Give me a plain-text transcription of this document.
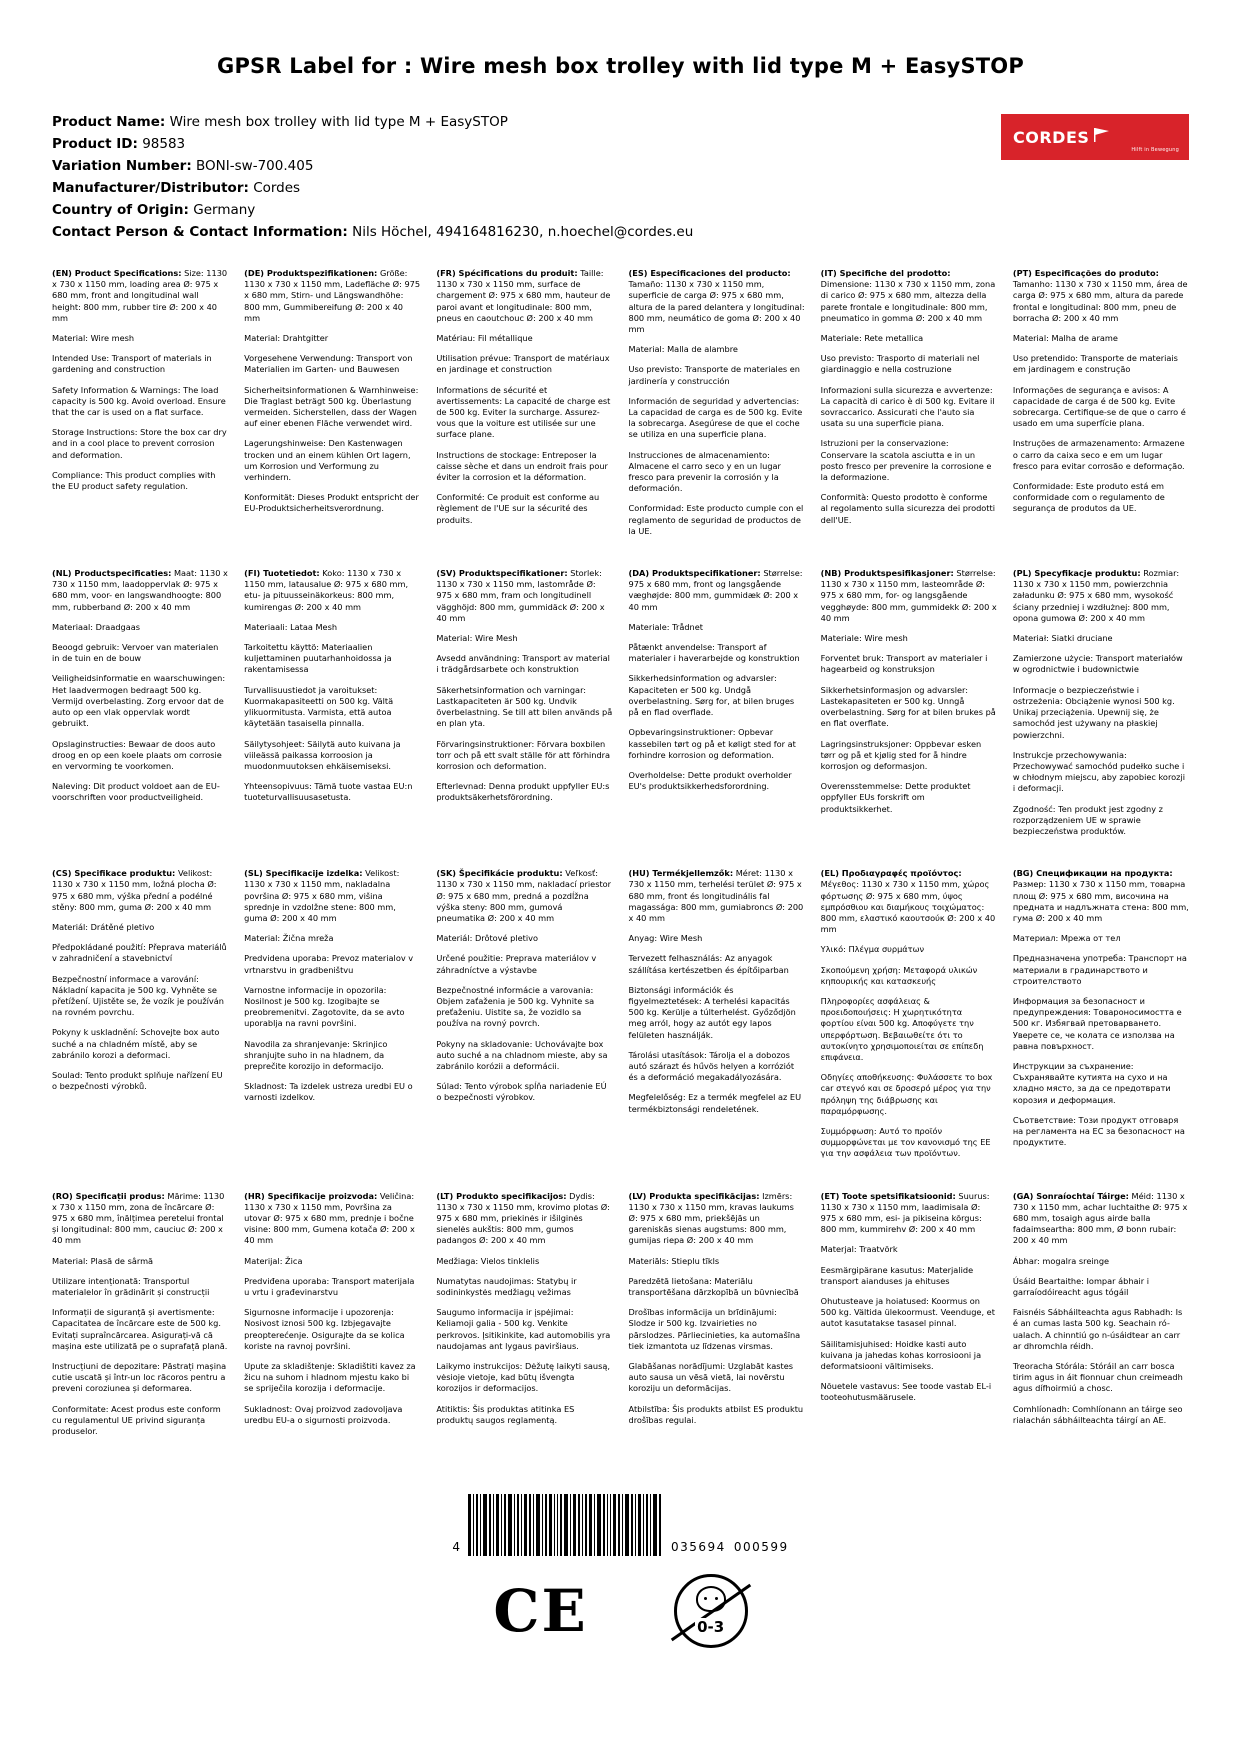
GPSR Label for : Wire mesh box trolley with lid type M + EasySTOP
Product Name: Wire mesh box trolley with lid type M + EasySTOP
Product ID: 98583
Variation Number: BONI-sw-700.405
Manufacturer/Distributor: Cordes
Country of Origin: Germany
Contact Person & Contact Information: Nils Höchel, 494164816230, n.hoechel@cordes.eu
CORDES
Hilft in Bewegung

(EN) Product Specifications: Size: 1130 x 730 x 1150 mm, loading area Ø: 975 x 680 mm, front and longitudinal wall height: 800 mm, rubber tire Ø: 200 x 40 mm

Material: Wire mesh

Intended Use: Transport of materials in gardening and construction

Safety Information & Warnings: The load capacity is 500 kg. Avoid overload. Ensure that the car is used on a flat surface.

Storage Instructions: Store the box car dry and in a cool place to prevent corrosion and deformation.

Compliance: This product complies with the EU product safety regulation.

(DE) Produktspezifikationen: Größe: 1130 x 730 x 1150 mm, Ladefläche Ø: 975 x 680 mm, Stirn- und Längswandhöhe: 800 mm, Gummibereifung Ø: 200 x 40 mm

Material: Drahtgitter

Vorgesehene Verwendung: Transport von Materialien im Garten- und Bauwesen

Sicherheitsinformationen & Warnhinweise: Die Traglast beträgt 500 kg. Überlastung vermeiden. Sicherstellen, dass der Wagen auf einer ebenen Fläche verwendet wird.

Lagerungshinweise: Den Kastenwagen trocken und an einem kühlen Ort lagern, um Korrosion und Verformung zu verhindern.

Konformität: Dieses Produkt entspricht der EU-Produktsicherheitsverordnung.

(FR) Spécifications du produit: Taille: 1130 x 730 x 1150 mm, surface de chargement Ø: 975 x 680 mm, hauteur de paroi avant et longitudinale: 800 mm, pneus en caoutchouc Ø: 200 x 40 mm

Matériau: Fil métallique

Utilisation prévue: Transport de matériaux en jardinage et construction

Informations de sécurité et avertissements: La capacité de charge est de 500 kg. Eviter la surcharge. Assurez-vous que la voiture est utilisée sur une surface plane.

Instructions de stockage: Entreposer la caisse sèche et dans un endroit frais pour éviter la corrosion et la déformation.

Conformité: Ce produit est conforme au règlement de l'UE sur la sécurité des produits.

(ES) Especificaciones del producto: Tamaño: 1130 x 730 x 1150 mm, superficie de carga Ø: 975 x 680 mm, altura de la pared delantera y longitudinal: 800 mm, neumático de goma Ø: 200 x 40 mm

Material: Malla de alambre

Uso previsto: Transporte de materiales en jardinería y construcción

Información de seguridad y advertencias: La capacidad de carga es de 500 kg. Evite la sobrecarga. Asegúrese de que el coche se utiliza en una superficie plana.

Instrucciones de almacenamiento: Almacene el carro seco y en un lugar fresco para prevenir la corrosión y la deformación.

Conformidad: Este producto cumple con el reglamento de seguridad de productos de la UE.

(IT) Specifiche del prodotto: Dimensione: 1130 x 730 x 1150 mm, zona di carico Ø: 975 x 680 mm, altezza della parete frontale e longitudinale: 800 mm, pneumatico in gomma Ø: 200 x 40 mm

Materiale: Rete metallica

Uso previsto: Trasporto di materiali nel giardinaggio e nella costruzione

Informazioni sulla sicurezza e avvertenze: La capacità di carico è di 500 kg. Evitare il sovraccarico. Assicurati che l'auto sia usata su una superficie piana.

Istruzioni per la conservazione: Conservare la scatola asciutta e in un posto fresco per prevenire la corrosione e la deformazione.

Conformità: Questo prodotto è conforme al regolamento sulla sicurezza dei prodotti dell'UE.

(PT) Especificações do produto: Tamanho: 1130 x 730 x 1150 mm, área de carga Ø: 975 x 680 mm, altura da parede frontal e longitudinal: 800 mm, pneu de borracha Ø: 200 x 40 mm

Material: Malha de arame

Uso pretendido: Transporte de materiais em jardinagem e construção

Informações de segurança e avisos: A capacidade de carga é de 500 kg. Evite sobrecarga. Certifique-se de que o carro é usado em uma superfície plana.

Instruções de armazenamento: Armazene o carro da caixa seco e em um lugar fresco para evitar corrosão e deformação.

Conformidade: Este produto está em conformidade com o regulamento de segurança de produtos da UE.

(NL) Productspecificaties: Maat: 1130 x 730 x 1150 mm, laadoppervlak Ø: 975 x 680 mm, voor- en langswandhoogte: 800 mm, rubberband Ø: 200 x 40 mm

Materiaal: Draadgaas

Beoogd gebruik: Vervoer van materialen in de tuin en de bouw

Veiligheidsinformatie en waarschuwingen: Het laadvermogen bedraagt 500 kg. Vermijd overbelasting. Zorg ervoor dat de auto op een vlak oppervlak wordt gebruikt.

Opslaginstructies: Bewaar de doos auto droog en op een koele plaats om corrosie en vervorming te voorkomen.

Naleving: Dit product voldoet aan de EU-voorschriften voor productveiligheid.

(FI) Tuotetiedot: Koko: 1130 x 730 x 1150 mm, latausalue Ø: 975 x 680 mm, etu- ja pituusseinäkorkeus: 800 mm, kumirengas Ø: 200 x 40 mm

Materiaali: Lataa Mesh

Tarkoitettu käyttö: Materiaalien kuljettaminen puutarhanhoidossa ja rakentamisessa

Turvallisuustiedot ja varoitukset: Kuormakapasiteetti on 500 kg. Vältä ylikuormitusta. Varmista, että autoa käytetään tasaisella pinnalla.

Säilytysohjeet: Säilytä auto kuivana ja viileässä paikassa korroosion ja muodonmuutoksen ehkäisemiseksi.

Yhteensopivuus: Tämä tuote vastaa EU:n tuoteturvallisuusasetusta.

(SV) Produktspecifikationer: Storlek: 1130 x 730 x 1150 mm, lastområde Ø: 975 x 680 mm, fram och longitudinell vägghöjd: 800 mm, gummidäck Ø: 200 x 40 mm

Material: Wire Mesh

Avsedd användning: Transport av material i trädgårdsarbete och konstruktion

Säkerhetsinformation och varningar: Lastkapaciteten är 500 kg. Undvik överbelastning. Se till att bilen används på en plan yta.

Förvaringsinstruktioner: Förvara boxbilen torr och på ett svalt ställe för att förhindra korrosion och deformation.

Efterlevnad: Denna produkt uppfyller EU:s produktsäkerhetsförordning.

(DA) Produktspecifikationer: Størrelse: 975 x 680 mm, front og langsgående væghøjde: 800 mm, gummidæk Ø: 200 x 40 mm

Materiale: Trådnet

Påtænkt anvendelse: Transport af materialer i haverarbejde og konstruktion

Sikkerhedsinformation og advarsler: Kapaciteten er 500 kg. Undgå overbelastning. Sørg for, at bilen bruges på en flad overflade.

Opbevaringsinstruktioner: Opbevar kassebilen tørt og på et køligt sted for at forhindre korrosion og deformation.

Overholdelse: Dette produkt overholder EU's produktsikkerhedsforordning.

(NB) Produktspesifikasjoner: Størrelse: 1130 x 730 x 1150 mm, lasteområde Ø: 975 x 680 mm, for- og langsgående vegghøyde: 800 mm, gummidekk Ø: 200 x 40 mm

Materiale: Wire mesh

Forventet bruk: Transport av materialer i hagearbeid og konstruksjon

Sikkerhetsinformasjon og advarsler: Lastekapasiteten er 500 kg. Unngå overbelastning. Sørg for at bilen brukes på en flat overflate.

Lagringsinstruksjoner: Oppbevar esken tørr og på et kjølig sted for å hindre korrosjon og deformasjon.

Overensstemmelse: Dette produktet oppfyller EUs forskrift om produktsikkerhet.

(PL) Specyfikacje produktu: Rozmiar: 1130 x 730 x 1150 mm, powierzchnia załadunku Ø: 975 x 680 mm, wysokość ściany przedniej i wzdłużnej: 800 mm, opona gumowa Ø: 200 x 40 mm

Materiał: Siatki druciane

Zamierzone użycie: Transport materiałów w ogrodnictwie i budownictwie

Informacje o bezpieczeństwie i ostrzeżenia: Obciążenie wynosi 500 kg. Unikaj przeciążenia. Upewnij się, że samochód jest używany na płaskiej powierzchni.

Instrukcje przechowywania: Przechowywać samochód pudełko suche i w chłodnym miejscu, aby zapobiec korozji i deformacji.

Zgodność: Ten produkt jest zgodny z rozporządzeniem UE w sprawie bezpieczeństwa produktów.

(CS) Specifikace produktu: Velikost: 1130 x 730 x 1150 mm, ložná plocha Ø: 975 x 680 mm, výška přední a podélné stěny: 800 mm, guma Ø: 200 x 40 mm

Materiál: Drátěné pletivo

Předpokládané použití: Přeprava materiálů v zahradničení a stavebnictví

Bezpečnostní informace a varování: Nákladní kapacita je 500 kg. Vyhněte se přetížení. Ujistěte se, že vozík je používán na rovném povrchu.

Pokyny k uskladnění: Schovejte box auto suché a na chladném místě, aby se zabránilo korozi a deformaci.

Soulad: Tento produkt splňuje nařízení EU o bezpečnosti výrobků.

(SL) Specifikacije izdelka: Velikost: 1130 x 730 x 1150 mm, nakladalna površina Ø: 975 x 680 mm, višina sprednje in vzdolžne stene: 800 mm, guma Ø: 200 x 40 mm

Material: Žična mreža

Predvidena uporaba: Prevoz materialov v vrtnarstvu in gradbeništvu

Varnostne informacije in opozorila: Nosilnost je 500 kg. Izogibajte se preobremenitvi. Zagotovite, da se avto uporablja na ravni površini.

Navodila za shranjevanje: Skrinjico shranjujte suho in na hladnem, da preprečite korozijo in deformacijo.

Skladnost: Ta izdelek ustreza uredbi EU o varnosti izdelkov.

(SK) Špecifikácie produktu: Veľkosť: 1130 x 730 x 1150 mm, nakladací priestor Ø: 975 x 680 mm, predná a pozdĺžna výška steny: 800 mm, gumová pneumatika Ø: 200 x 40 mm

Materiál: Drôtové pletivo

Určené použitie: Preprava materiálov v záhradníctve a výstavbe

Bezpečnostné informácie a varovania: Objem zaťaženia je 500 kg. Vyhnite sa preťaženiu. Uistite sa, že vozidlo sa používa na rovný povrch.

Pokyny na skladovanie: Uchovávajte box auto suché a na chladnom mieste, aby sa zabránilo korózii a deformácii.

Súlad: Tento výrobok spĺňa nariadenie EÚ o bezpečnosti výrobkov.

(HU) Termékjellemzők: Méret: 1130 x 730 x 1150 mm, terhelési terület Ø: 975 x 680 mm, front és longitudinális fal magassága: 800 mm, gumiabroncs Ø: 200 x 40 mm

Anyag: Wire Mesh

Tervezett felhasználás: Az anyagok szállítása kertészetben és építőiparban

Biztonsági információk és figyelmeztetések: A terhelési kapacitás 500 kg. Kerülje a túlterhelést. Győződjön meg arról, hogy az autót egy lapos felületen használják.

Tárolási utasítások: Tárolja el a dobozos autó szárazt és hűvös helyen a korróziót és a deformáció megakadályozására.

Megfelelőség: Ez a termék megfelel az EU termékbiztonsági rendeletének.

(EL) Προδιαγραφές προϊόντος: Μέγεθος: 1130 x 730 x 1150 mm, χώρος φόρτωσης Ø: 975 x 680 mm, ύψος εμπρόσθιου και διαμήκους τοιχώματος: 800 mm, ελαστικό καουτσούκ Ø: 200 x 40 mm

Υλικό: Πλέγμα συρμάτων

Σκοπούμενη χρήση: Μεταφορά υλικών κηπουρικής και κατασκευής

Πληροφορίες ασφάλειας & προειδοποιήσεις: Η χωρητικότητα φορτίου είναι 500 kg. Αποφύγετε την υπερφόρτωση. Βεβαιωθείτε ότι το αυτοκίνητο χρησιμοποιείται σε επίπεδη επιφάνεια.

Οδηγίες αποθήκευσης: Φυλάσσετε το box car στεγνό και σε δροσερό μέρος για την πρόληψη της διάβρωσης και παραμόρφωσης.

Συμμόρφωση: Αυτό το προϊόν συμμορφώνεται με τον κανονισμό της ΕΕ για την ασφάλεια των προϊόντων.

(BG) Спецификации на продукта: Размер: 1130 x 730 x 1150 mm, товарна площ Ø: 975 x 680 mm, височина на предната и надлъжната стена: 800 mm, гума Ø: 200 x 40 mm

Материал: Мрежа от тел

Предназначена употреба: Транспорт на материали в градинарството и строителството

Информация за безопасност и предупреждения: Товароносимостта е 500 кг. Избягвай претоварването. Уверете се, че колата се използва на равна повърхност.

Инструкции за съхранение: Съхранявайте кутията на сухо и на хладно място, за да се предотврати корозия и деформация.

Съответствие: Този продукт отговаря на регламента на ЕС за безопасност на продуктите.

(RO) Specificații produs: Mărime: 1130 x 730 x 1150 mm, zona de încărcare Ø: 975 x 680 mm, înălțimea peretelui frontal și longitudinal: 800 mm, cauciuc Ø: 200 x 40 mm

Material: Plasă de sârmă

Utilizare intenționată: Transportul materialelor în grădinărit și construcții

Informații de siguranță și avertismente: Capacitatea de încărcare este de 500 kg. Evitați supraîncărcarea. Asigurați-vă că mașina este utilizată pe o suprafață plană.

Instrucțiuni de depozitare: Păstrați mașina cutie uscată și într-un loc răcoros pentru a preveni coroziunea și deformarea.

Conformitate: Acest produs este conform cu regulamentul UE privind siguranța produselor.

(HR) Specifikacije proizvoda: Veličina: 1130 x 730 x 1150 mm, Površina za utovar Ø: 975 x 680 mm, prednje i bočne visine: 800 mm, Gumena kotača Ø: 200 x 40 mm

Materijal: Žica

Predviđena uporaba: Transport materijala u vrtu i građevinarstvu

Sigurnosne informacije i upozorenja: Nosivost iznosi 500 kg. Izbjegavajte preopterećenje. Osigurajte da se kolica koriste na ravnoj površini.

Upute za skladištenje: Skladištiti kavez za žicu na suhom i hladnom mjestu kako bi se spriječila korozija i deformacije.

Sukladnost: Ovaj proizvod zadovoljava uredbu EU-a o sigurnosti proizvoda.

(LT) Produkto specifikacijos: Dydis: 1130 x 730 x 1150 mm, krovimo plotas Ø: 975 x 680 mm, priekinės ir išilginės sienelės aukštis: 800 mm, gumos padangos Ø: 200 x 40 mm

Medžiaga: Vielos tinklelis

Numatytas naudojimas: Statybų ir sodininkystės medžiagų vežimas

Saugumo informacija ir įspėjimai: Keliamoji galia - 500 kg. Venkite perkrovos. Įsitikinkite, kad automobilis yra naudojamas ant lygaus paviršiaus.

Laikymo instrukcijos: Dėžutę laikyti sausą, vėsioje vietoje, kad būtų išvengta korozijos ir deformacijos.

Atitiktis: Šis produktas atitinka ES produktų saugos reglamentą.

(LV) Produkta specifikācijas: Izmērs: 1130 x 730 x 1150 mm, kravas laukums Ø: 975 x 680 mm, priekšējās un gareniskās sienas augstums: 800 mm, gumijas riepa Ø: 200 x 40 mm

Materiāls: Stieplu tīkls

Paredzētā lietošana: Materiālu transportēšana dārzkopībā un būvniecībā

Drošības informācija un brīdinājumi: Slodze ir 500 kg. Izvairieties no pārslodzes. Pārliecinieties, ka automašīna tiek izmantota uz līdzenas virsmas.

Glabāšanas norādījumi: Uzglabāt kastes auto sausa un vēsā vietā, lai novērstu koroziju un deformācijas.

Atbilstība: Šis produkts atbilst ES produktu drošības regulai.

(ET) Toote spetsifikatsioonid: Suurus: 1130 x 730 x 1150 mm, laadimisala Ø: 975 x 680 mm, esi- ja pikiseina kõrgus: 800 mm, kummirehv Ø: 200 x 40 mm

Materjal: Traatvõrk

Eesmärgipärane kasutus: Materjalide transport aianduses ja ehituses

Ohutusteave ja hoiatused: Koormus on 500 kg. Vältida ülekoormust. Veenduge, et autot kasutatakse tasasel pinnal.

Säilitamisjuhised: Hoidke kasti auto kuivana ja jahedas kohas korrosiooni ja deformatsiooni vältimiseks.

Nõuetele vastavus: See toode vastab EL-i tooteohutusmäärusele.

(GA) Sonraíochtaí Táirge: Méid: 1130 x 730 x 1150 mm, achar luchtaithe Ø: 975 x 680 mm, tosaigh agus airde balla fadaimseartha: 800 mm, Ø bonn rubair: 200 x 40 mm

Ábhar: mogalra sreinge

Úsáid Beartaithe: Iompar ábhair i garraíodóireacht agus tógáil

Faisnéis Sábháilteachta agus Rabhadh: Is é an cumas lasta 500 kg. Seachain ró-ualach. A chinntiú go n-úsáidtear an carr ar dhromchla réidh.

Treoracha Stórála: Stóráil an carr bosca tirim agus in áit fionnuar chun creimeadh agus dífhoirmiú a chosc.

Comhlíonadh: Comhlíonann an táirge seo rialachán sábháilteachta táirgí an AE.

4	035694 000599
CE	0-3
